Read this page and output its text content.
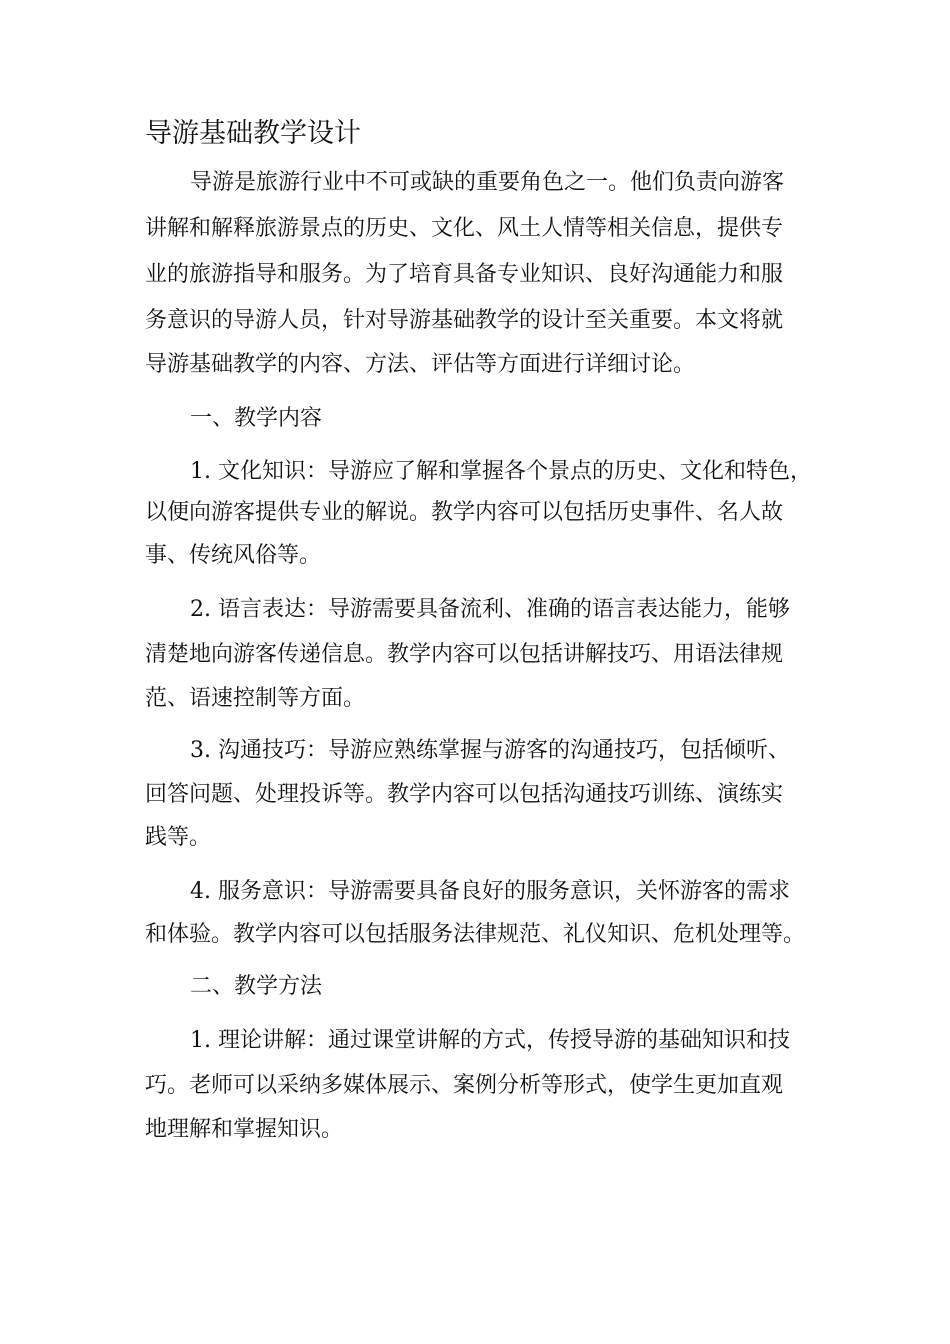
导游基础教学设计
导游是旅游行业中不可或缺的重要角色之一。他们负责向游客
讲解和解释旅游景点的历史、文化、风土人情等相关信息，提供专
业的旅游指导和服务。为了培育具备专业知识、良好沟通能力和服
务意识的导游人员，针对导游基础教学的设计至关重要。本文将就
导游基础教学的内容、方法、评估等方面进行详细讨论。
一、教学内容
1. 文化知识：导游应了解和掌握各个景点的历史、文化和特色，
以便向游客提供专业的解说。教学内容可以包括历史事件、名人故
事、传统风俗等。
2. 语言表达：导游需要具备流利、准确的语言表达能力，能够
清楚地向游客传递信息。教学内容可以包括讲解技巧、用语法律规
范、语速控制等方面。
3. 沟通技巧：导游应熟练掌握与游客的沟通技巧，包括倾听、
回答问题、处理投诉等。教学内容可以包括沟通技巧训练、演练实
践等。
4. 服务意识：导游需要具备良好的服务意识，关怀游客的需求
和体验。教学内容可以包括服务法律规范、礼仪知识、危机处理等。
二、教学方法
1. 理论讲解：通过课堂讲解的方式，传授导游的基础知识和技
巧。老师可以采纳多媒体展示、案例分析等形式，使学生更加直观
地理解和掌握知识。
